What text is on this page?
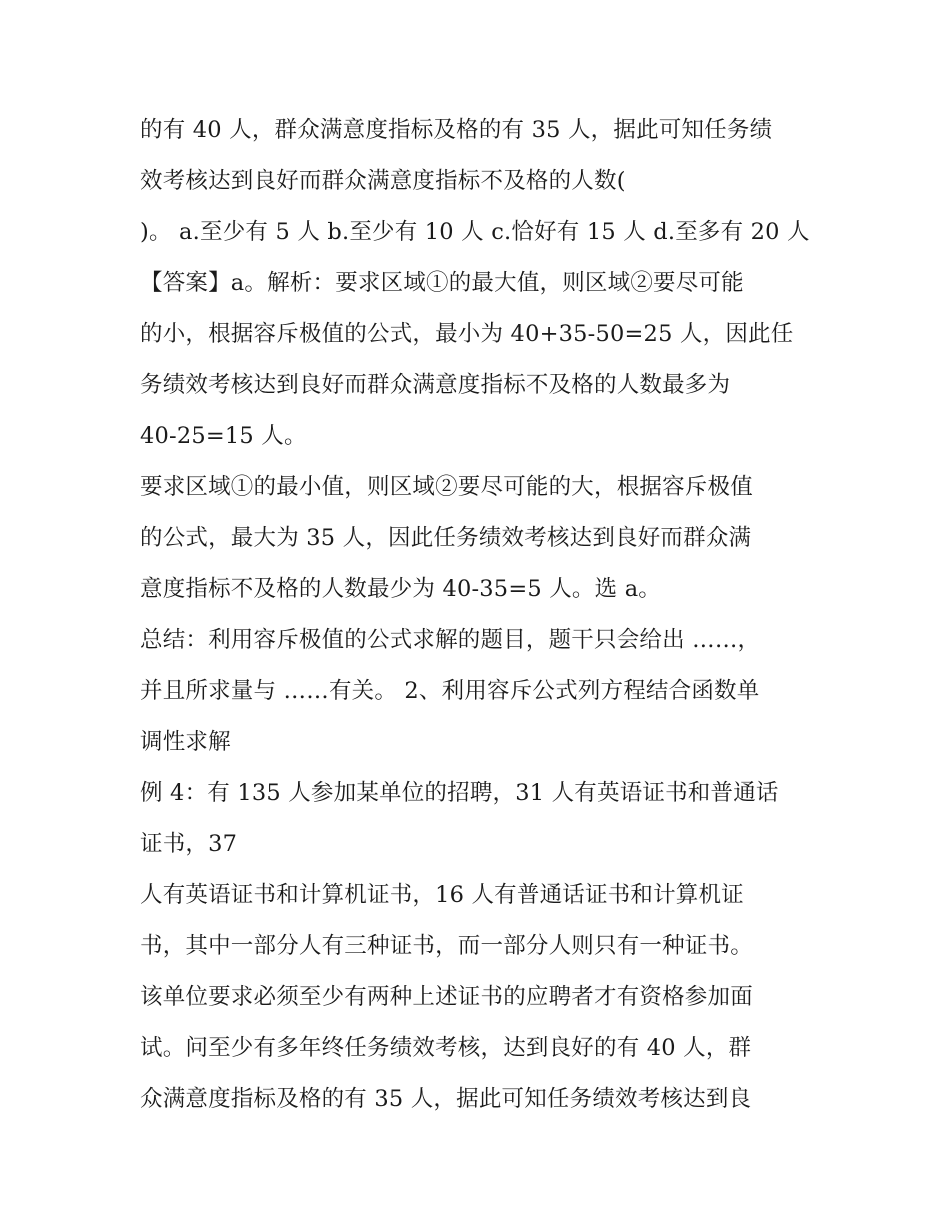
的有 40 人，群众满意度指标及格的有 35 人，据此可知任务绩
效考核达到良好而群众满意度指标不及格的人数(
)。 a.至少有 5 人 b.至少有 10 人 c.恰好有 15 人 d.至多有 20 人
【答案】a。解析：要求区域①的最大值，则区域②要尽可能
的小，根据容斥极值的公式，最小为 40+35-50=25 人，因此任
务绩效考核达到良好而群众满意度指标不及格的人数最多为
40-25=15 人。
要求区域①的最小值，则区域②要尽可能的大，根据容斥极值
的公式，最大为 35 人，因此任务绩效考核达到良好而群众满
意度指标不及格的人数最少为 40-35=5 人。选 a。
总结：利用容斥极值的公式求解的题目，题干只会给出 ……，
并且所求量与 ……有关。 2、利用容斥公式列方程结合函数单
调性求解
例 4：有 135 人参加某单位的招聘，31 人有英语证书和普通话
证书，37
人有英语证书和计算机证书，16 人有普通话证书和计算机证
书，其中一部分人有三种证书，而一部分人则只有一种证书。
该单位要求必须至少有两种上述证书的应聘者才有资格参加面
试。问至少有多年终任务绩效考核，达到良好的有 40 人，群
众满意度指标及格的有 35 人，据此可知任务绩效考核达到良
